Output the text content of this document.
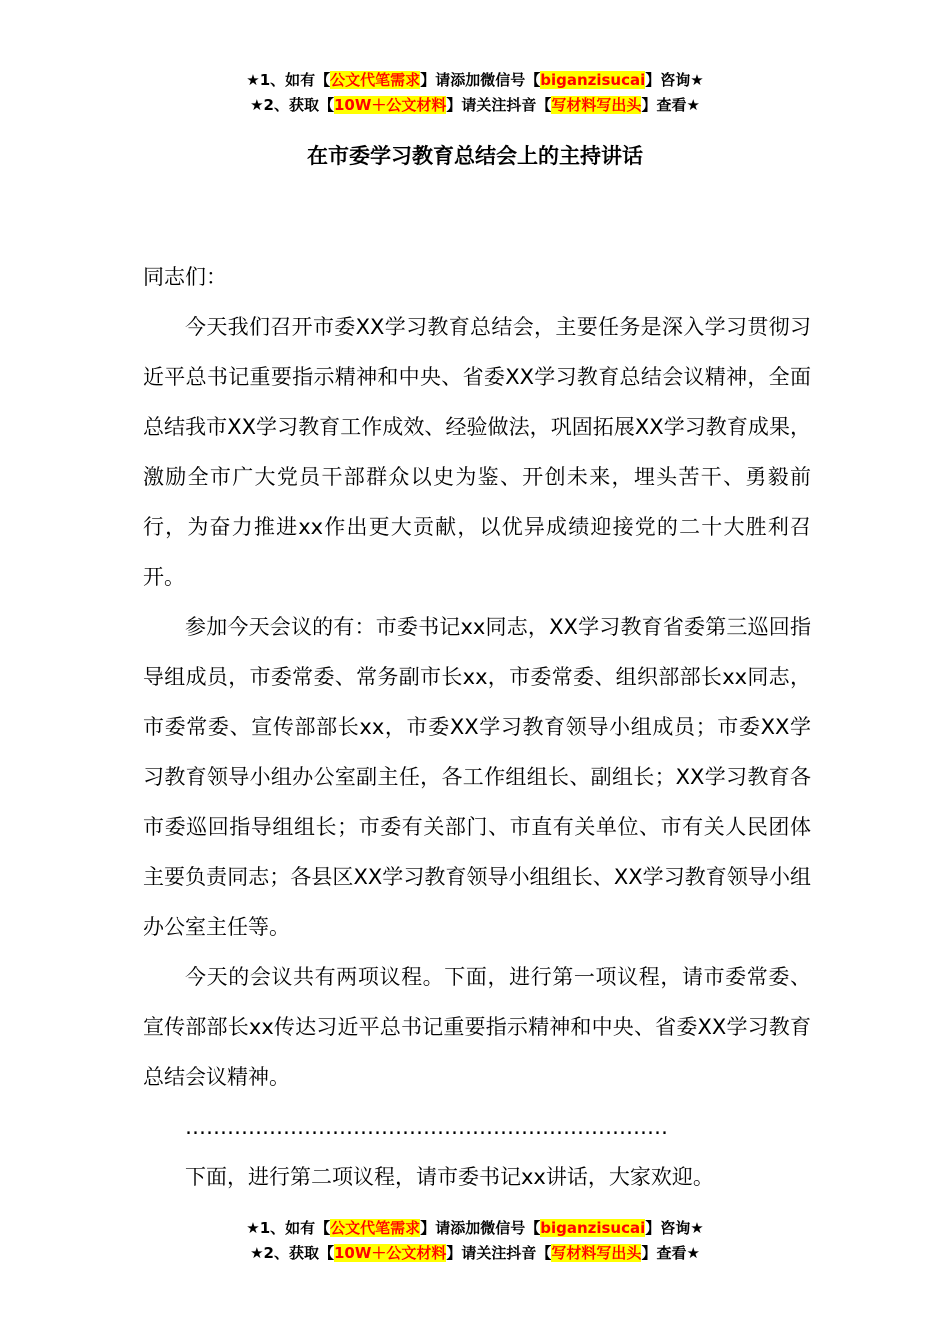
★1、如有【公文代笔需求】请添加微信号【biganzisucai】咨询★
★2、获取【10W＋公文材料】请关注抖音【写材料写出头】查看★
在市委学习教育总结会上的主持讲话

同志们：

今天我们召开市委XX学习教育总结会，主要任务是深入学习贯彻习近平总书记重要指示精神和中央、省委XX学习教育总结会议精神，全面总结我市XX学习教育工作成效、经验做法，巩固拓展XX学习教育成果，激励全市广大党员干部群众以史为鉴、开创未来，埋头苦干、勇毅前行，为奋力推进xx作出更大贡献，以优异成绩迎接党的二十大胜利召开。

参加今天会议的有：市委书记xx同志，XX学习教育省委第三巡回指导组成员，市委常委、常务副市长xx，市委常委、组织部部长xx同志，市委常委、宣传部部长xx，市委XX学习教育领导小组成员；市委XX学习教育领导小组办公室副主任，各工作组组长、副组长；XX学习教育各市委巡回指导组组长；市委有关部门、市直有关单位、市有关人民团体主要负责同志；各县区XX学习教育领导小组组长、XX学习教育领导小组办公室主任等。

今天的会议共有两项议程。下面，进行第一项议程，请市委常委、宣传部部长xx传达习近平总书记重要指示精神和中央、省委XX学习教育总结会议精神。

……………………………………………………………

下面，进行第二项议程，请市委书记xx讲话，大家欢迎。

★1、如有【公文代笔需求】请添加微信号【biganzisucai】咨询★
★2、获取【10W＋公文材料】请关注抖音【写材料写出头】查看★
